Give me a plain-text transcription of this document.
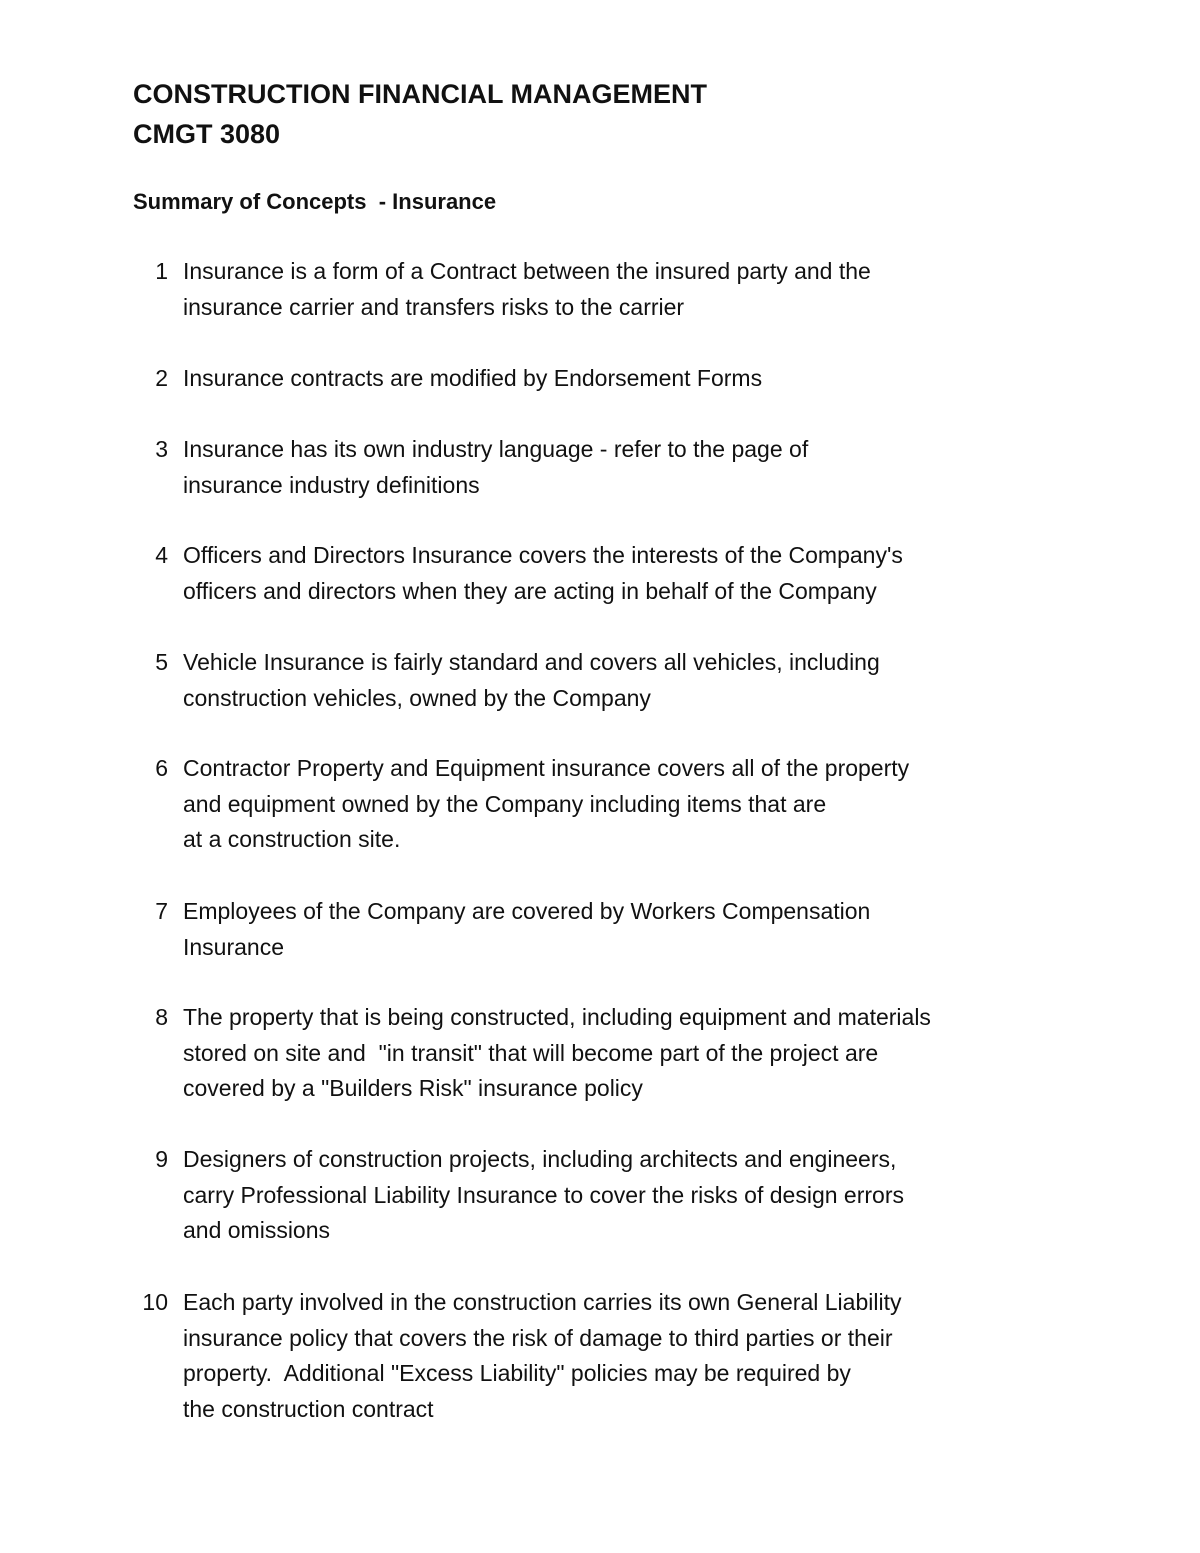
CONSTRUCTION FINANCIAL MANAGEMENT
CMGT 3080
Summary of Concepts  - Insurance
1 Insurance is a form of a Contract between the insured party and the
insurance carrier and transfers risks to the carrier
2 Insurance contracts are modified by Endorsement Forms
3 Insurance has its own industry language - refer to the page of
insurance industry definitions
4 Officers and Directors Insurance covers the interests of the Company's
officers and directors when they are acting in behalf of the Company
5 Vehicle Insurance is fairly standard and covers all vehicles, including
construction vehicles, owned by the Company
6 Contractor Property and Equipment insurance covers all of the property
and equipment owned by the Company including items that are
at a construction site.
7 Employees of the Company are covered by Workers Compensation
Insurance
8 The property that is being constructed, including equipment and materials
stored on site and  "in transit" that will become part of the project are
covered by a "Builders Risk" insurance policy
9 Designers of construction projects, including architects and engineers,
carry Professional Liability Insurance to cover the risks of design errors
and omissions
10 Each party involved in the construction carries its own General Liability
insurance policy that covers the risk of damage to third parties or their
property.  Additional "Excess Liability" policies may be required by
the construction contract
